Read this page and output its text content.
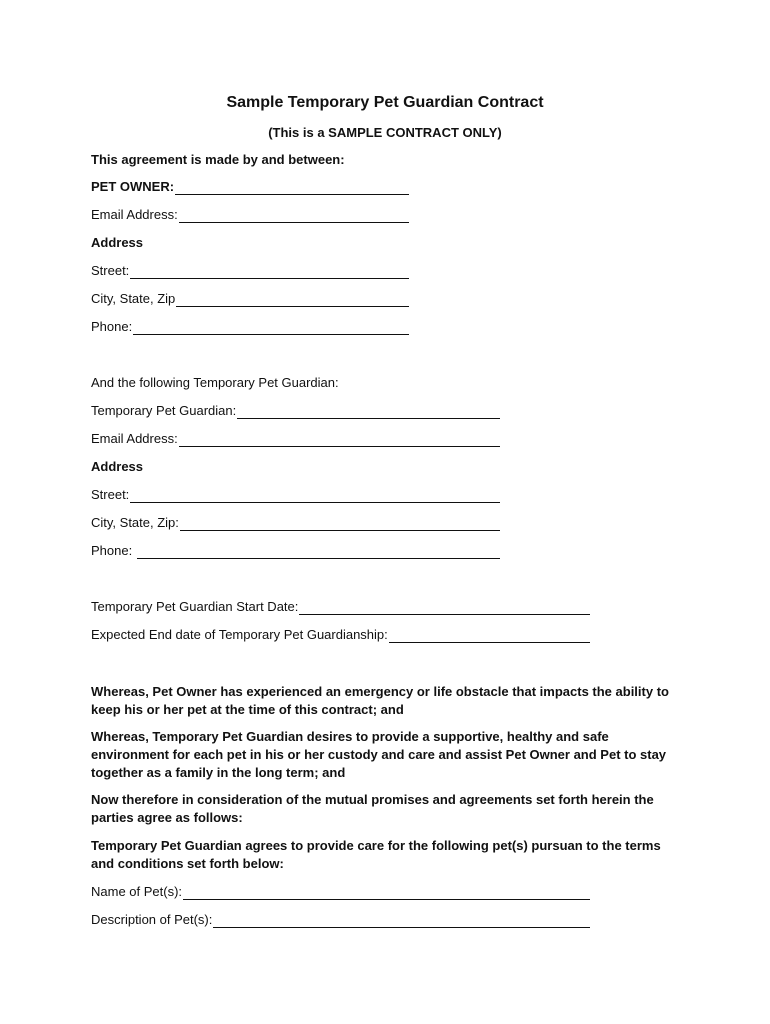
Sample Temporary Pet Guardian Contract
(This is a SAMPLE CONTRACT ONLY)
This agreement is made by and between:
PET OWNER:
Email Address:
Address
Street:
City, State, Zip
Phone:
And the following Temporary Pet Guardian:
Temporary Pet Guardian:
Email Address:
Address
Street:
City, State, Zip:
Phone:
Temporary Pet Guardian Start Date:
Expected End date of Temporary Pet Guardianship:
Whereas, Pet Owner has experienced an emergency or life obstacle that impacts the ability to keep his or her pet at the time of this contract; and
Whereas, Temporary Pet Guardian desires to provide a supportive, healthy and safe environment for each pet in his or her custody and care and assist Pet Owner and Pet to stay together as a family in the long term; and
Now therefore in consideration of the mutual promises and agreements set forth herein the parties agree as follows:
Temporary Pet Guardian agrees to provide care for the following pet(s) pursuan to the terms and conditions set forth below:
Name of Pet(s):
Description of Pet(s):
